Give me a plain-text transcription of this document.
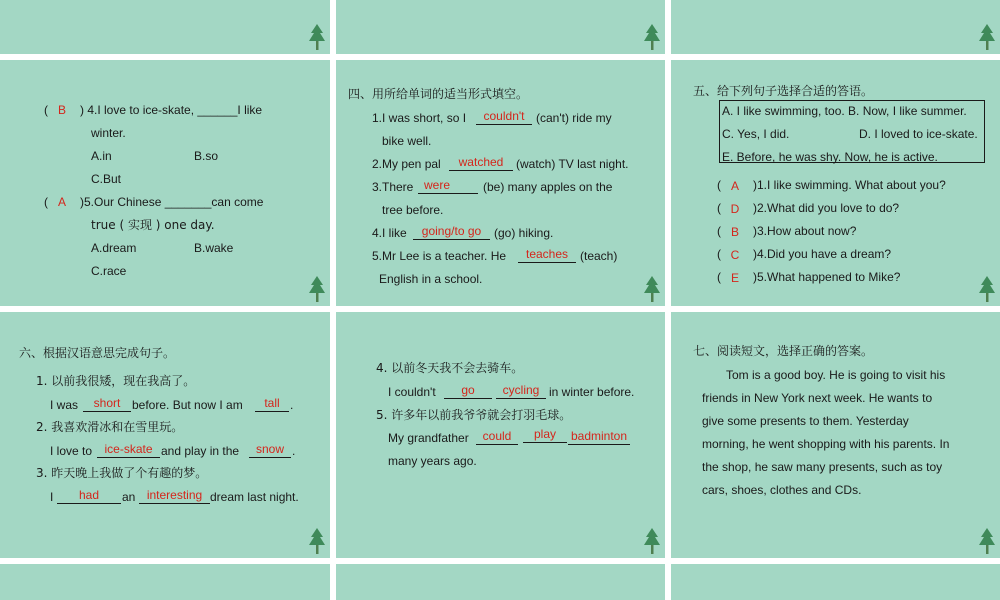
( B	) 4.I love to ice-skate, ______I like
winter.
A.in	B.so
C.But
( A	)5.Our Chinese _______can come
true ( 实现 ) one day.
A.dream	B.wake
C.race
四、用所给单词的适当形式填空。
1.I was short, so I	couldn't (can't) ride my
bike well.
2.My pen pal	watched	(watch) TV last night.
3.There were	(be) many apples on the
tree before.
4.I like	going/to go	(go) hiking.
5.Mr Lee is a teacher. He	teaches (teach)
English in a school.
五、给下列句子选择合适的答语。
A. I like swimming, too. B. Now, I like summer.
C. Yes, I did.	D. I loved to ice-skate.
E. Before, he was shy. Now, he is active.
( A	)1.I like swimming. What about you?
( D	)2.What did you love to do?
( B	)3.How about now?
( C	)4.Did you have a dream?
( E	)5.What happened to Mike?
六、根据汉语意思完成句子。
1. 以前我很矮，现在我高了。
I was	short before. But now I am	tall .
2. 我喜欢滑冰和在雪里玩。
I love to	ice-skate and play in the	snow .
3. 昨天晚上我做了个有趣的梦。
I	had	an interesting dream last night.
4. 以前冬天我不会去骑车。
I couldn't	go	cycling in winter before.
5. 许多年以前我爷爷就会打羽毛球。
My grandfather	could	play	badminton
many years ago.
七、阅读短文，选择正确的答案。
Tom is a good boy. He is going to visit his
friends in New York next week. He wants to
give some presents to them. Yesterday
morning, he went shopping with his parents. In
the shop, he saw many presents, such as toy
cars, shoes, clothes and CDs.
